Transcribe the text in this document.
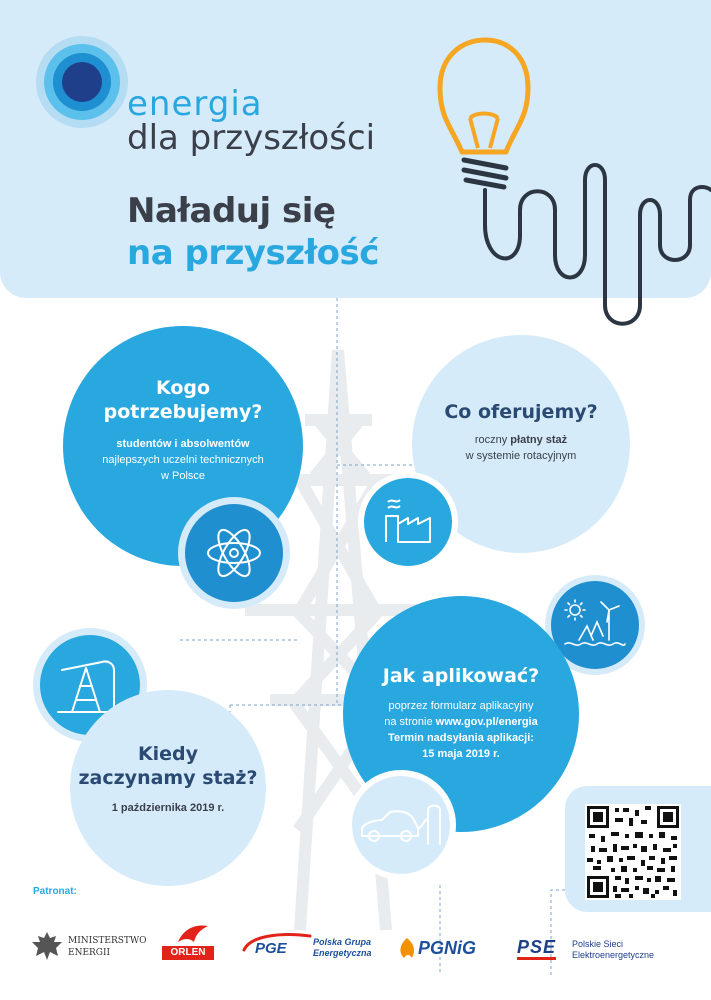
energia
dla przyszłości
Naładuj się
na przyszłość
Kogo
potrzebujemy?
studentów i absolwentów
najlepszych uczelni technicznych
w Polsce
Co oferujemy?
roczny płatny staż
w systemie rotacyjnym
Jak aplikować?
poprzez formularz aplikacyjny
na stronie www.gov.pl/energia
Termin nadsyłania aplikacji:
15 maja 2019 r.
Kiedy
zaczynamy staż?
1 października 2019 r.
Patronat:
MINISTERSTWO
ENERGII	ORLEN	PGE	Polska Grupa
Energetyczna	PGNiG PSE Polskie Sieci
Elektroenergetyczne
